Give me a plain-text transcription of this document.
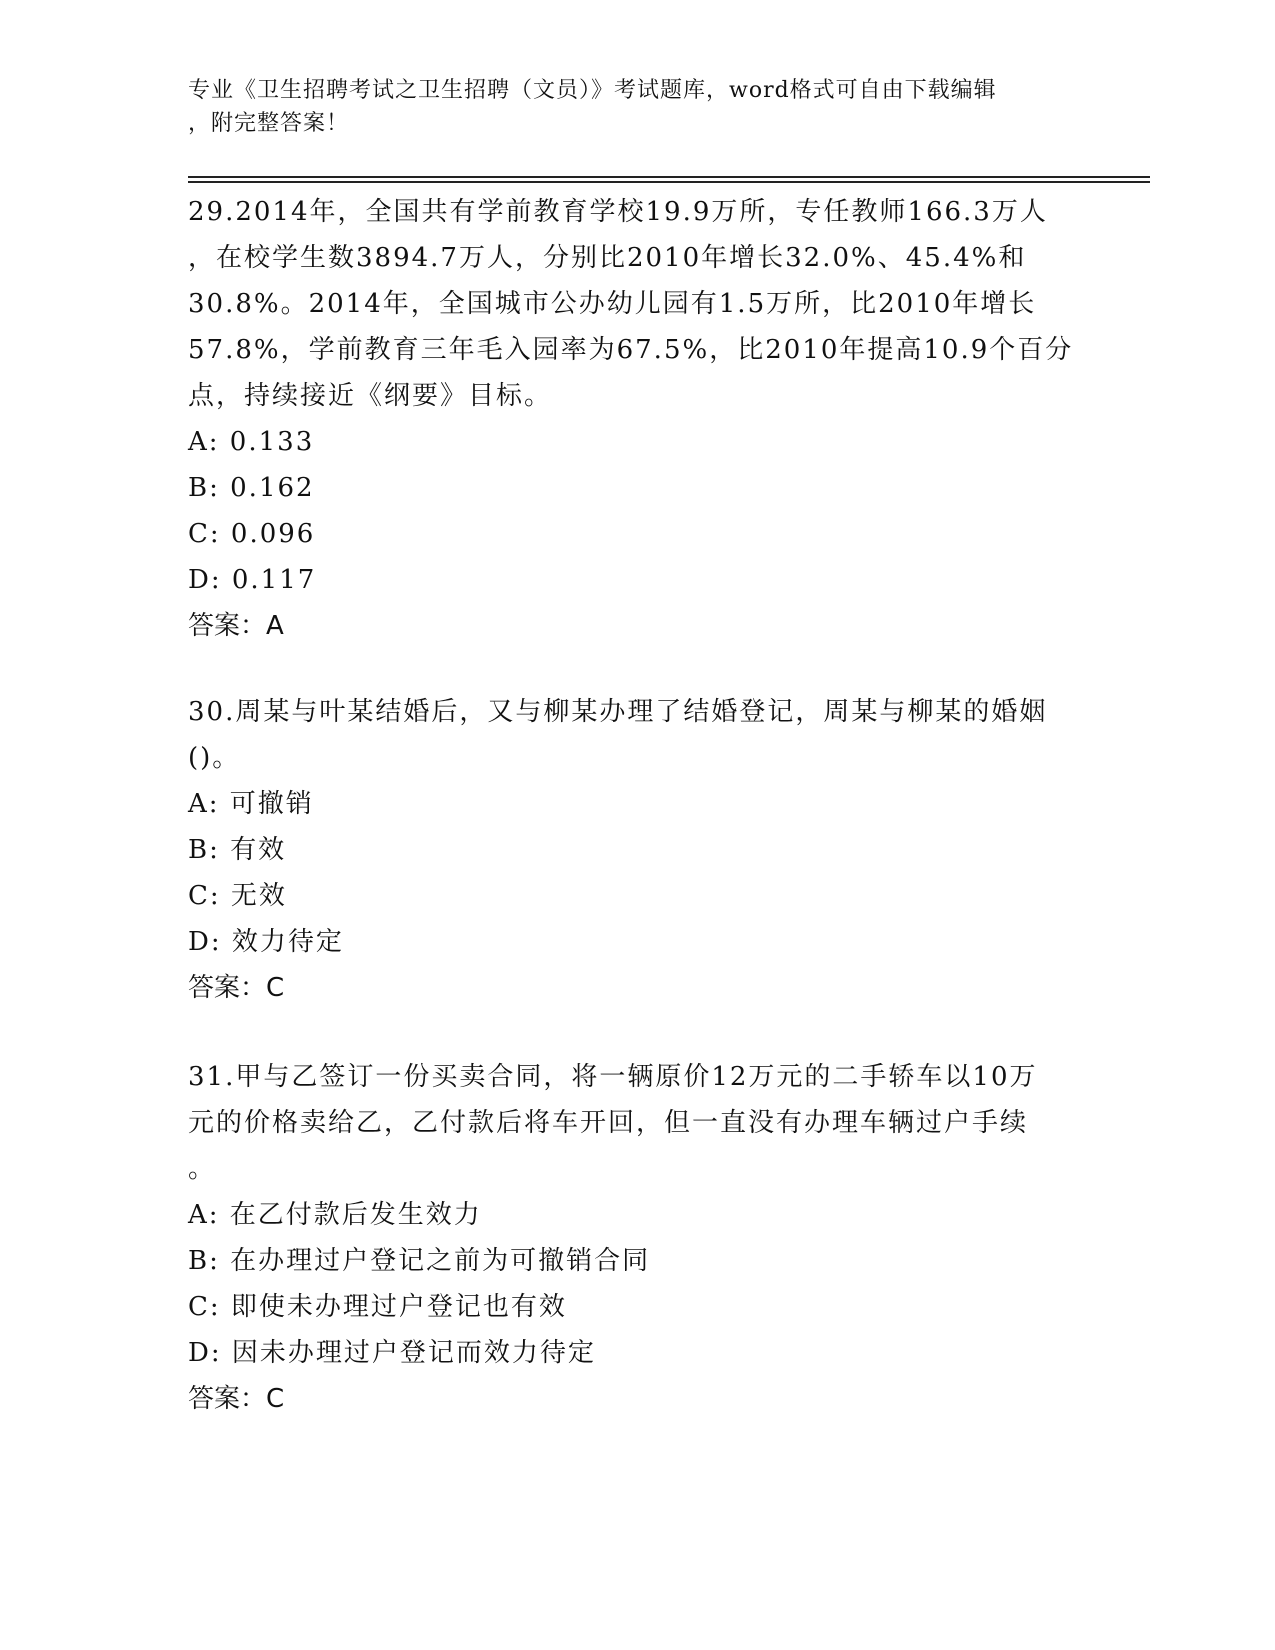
专业《卫生招聘考试之卫生招聘（文员）》考试题库，word格式可自由下载编辑
，附完整答案！

29.2014年，全国共有学前教育学校19.9万所，专任教师166.3万人
，在校学生数3894.7万人，分别比2010年增长32.0%、45.4%和
30.8%。2014年，全国城市公办幼儿园有1.5万所，比2010年增长
57.8%，学前教育三年毛入园率为67.5%，比2010年提高10.9个百分
点，持续接近《纲要》目标。

A: 0.133

B: 0.162

C: 0.096

D: 0.117

答案：A

30.周某与叶某结婚后，又与柳某办理了结婚登记，周某与柳某的婚姻
()。

A: 可撤销

B: 有效

C: 无效

D: 效力待定

答案：C

31.甲与乙签订一份买卖合同，将一辆原价12万元的二手轿车以10万
元的价格卖给乙，乙付款后将车开回，但一直没有办理车辆过户手续
。

A: 在乙付款后发生效力

B: 在办理过户登记之前为可撤销合同

C: 即使未办理过户登记也有效

D: 因未办理过户登记而效力待定

答案：C
